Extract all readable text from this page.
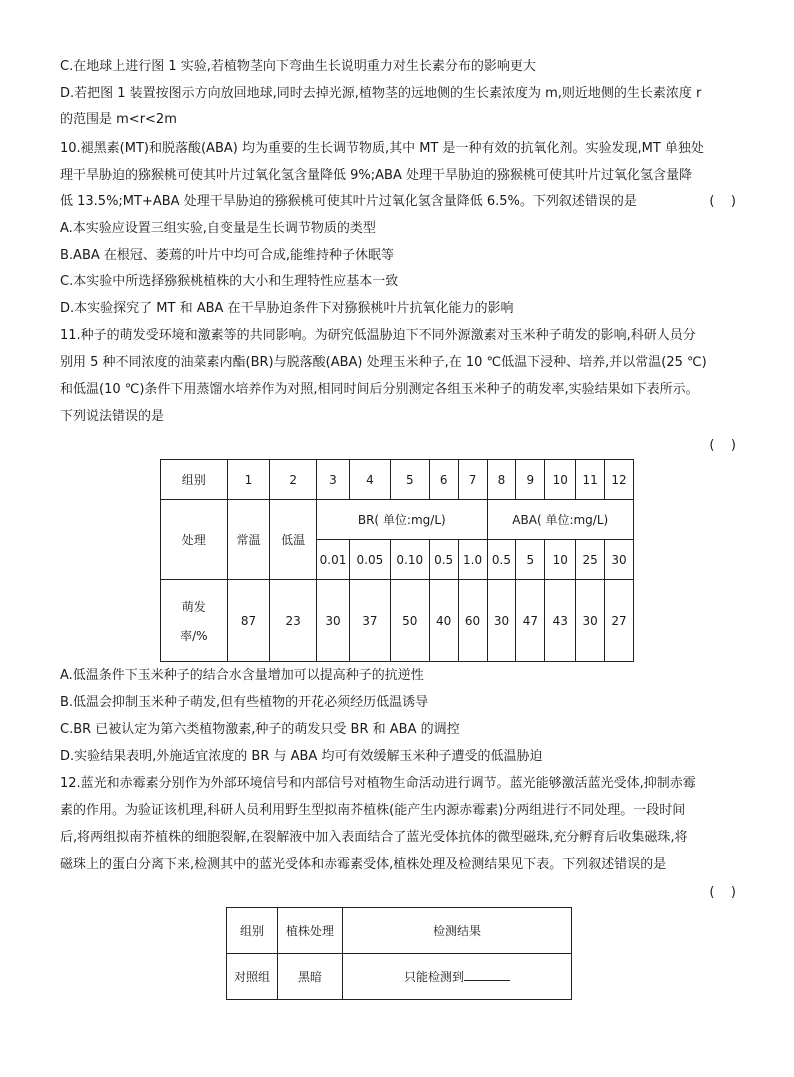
C.在地球上进行图 1 实验,若植物茎向下弯曲生长说明重力对生长素分布的影响更大
D.若把图 1 装置按图示方向放回地球,同时去掉光源,植物茎的远地侧的生长素浓度为 m,则近地侧的生长素浓度 r
的范围是 m<r<2m
10.褪黑素(MT)和脱落酸(ABA) 均为重要的生长调节物质,其中 MT 是一种有效的抗氧化剂。实验发现,MT 单独处
理干旱胁迫的猕猴桃可使其叶片过氧化氢含量降低 9%;ABA 处理干旱胁迫的猕猴桃可使其叶片过氧化氢含量降
低 13.5%;MT+ABA 处理干旱胁迫的猕猴桃可使其叶片过氧化氢含量降低 6.5%。下列叙述错误的是	(    )
A.本实验应设置三组实验,自变量是生长调节物质的类型
B.ABA 在根冠、萎蔫的叶片中均可合成,能维持种子休眠等
C.本实验中所选择猕猴桃植株的大小和生理特性应基本一致
D.本实验探究了 MT 和 ABA 在干旱胁迫条件下对猕猴桃叶片抗氧化能力的影响
11.种子的萌发受环境和激素等的共同影响。为研究低温胁迫下不同外源激素对玉米种子萌发的影响,科研人员分
别用 5 种不同浓度的油菜素内酯(BR)与脱落酸(ABA) 处理玉米种子,在 10 ℃低温下浸种、培养,并以常温(25 ℃)
和低温(10 ℃)条件下用蒸馏水培养作为对照,相同时间后分别测定各组玉米种子的萌发率,实验结果如下表所示。
下列说法错误的是
(    )
组别	1	2	3	4	5	6	7	8	9	10	11	12
处理	常温	低温	BR( 单位:mg/L)					ABA( 单位:mg/L)				
			0.01	0.05	0.10	0.5	1.0	0.5	5	10	25	30

萌发
率/%	87	23	30	37	50	40	60	30	47	43	30	27
A.低温条件下玉米种子的结合水含量增加可以提高种子的抗逆性
B.低温会抑制玉米种子萌发,但有些植物的开花必须经历低温诱导
C.BR 已被认定为第六类植物激素,种子的萌发只受 BR 和 ABA 的调控
D.实验结果表明,外施适宜浓度的 BR 与 ABA 均可有效缓解玉米种子遭受的低温胁迫
12.蓝光和赤霉素分别作为外部环境信号和内部信号对植物生命活动进行调节。蓝光能够激活蓝光受体,抑制赤霉
素的作用。为验证该机理,科研人员利用野生型拟南芥植株(能产生内源赤霉素)分两组进行不同处理。一段时间
后,将两组拟南芥植株的细胞裂解,在裂解液中加入表面结合了蓝光受体抗体的微型磁珠,充分孵育后收集磁珠,将
磁珠上的蛋白分离下来,检测其中的蓝光受体和赤霉素受体,植株处理及检测结果见下表。下列叙述错误的是
(    )
组别	植株处理	检测结果
对照组	黑暗	只能检测到
